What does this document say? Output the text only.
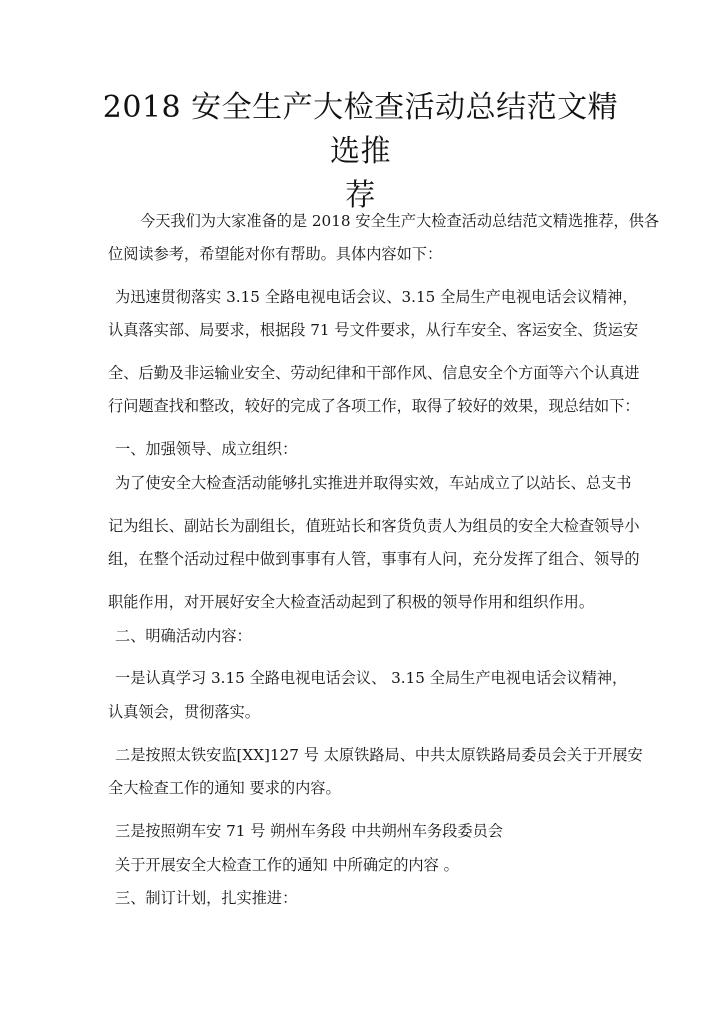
2018 安全生产大检查活动总结范文精选推
荐
今天我们为大家准备的是 2018 安全生产大检查活动总结范文精选推荐，供各
位阅读参考，希望能对你有帮助。具体内容如下：
为迅速贯彻落实 3.15 全路电视电话会议、3.15 全局生产电视电话会议精神，
认真落实部、局要求，根据段 71 号文件要求，从行车安全、客运安全、货运安
全、后勤及非运输业安全、劳动纪律和干部作风、信息安全个方面等六个认真进
行问题查找和整改，较好的完成了各项工作，取得了较好的效果，现总结如下：
一、加强领导、成立组织：
为了使安全大检查活动能够扎实推进并取得实效，车站成立了以站长、总支书
记为组长、副站长为副组长，值班站长和客货负责人为组员的安全大检查领导小
组，在整个活动过程中做到事事有人管，事事有人问，充分发挥了组合、领导的
职能作用，对开展好安全大检查活动起到了积极的领导作用和组织作用。
二、明确活动内容：
一是认真学习 3.15 全路电视电话会议、 3.15 全局生产电视电话会议精神，
认真领会，贯彻落实。
二是按照太铁安监[XX]127 号 太原铁路局、中共太原铁路局委员会关于开展安
全大检查工作的通知 要求的内容。
三是按照朔车安 71 号 朔州车务段 中共朔州车务段委员会
关于开展安全大检查工作的通知 中所确定的内容 。
三、制订计划，扎实推进：
